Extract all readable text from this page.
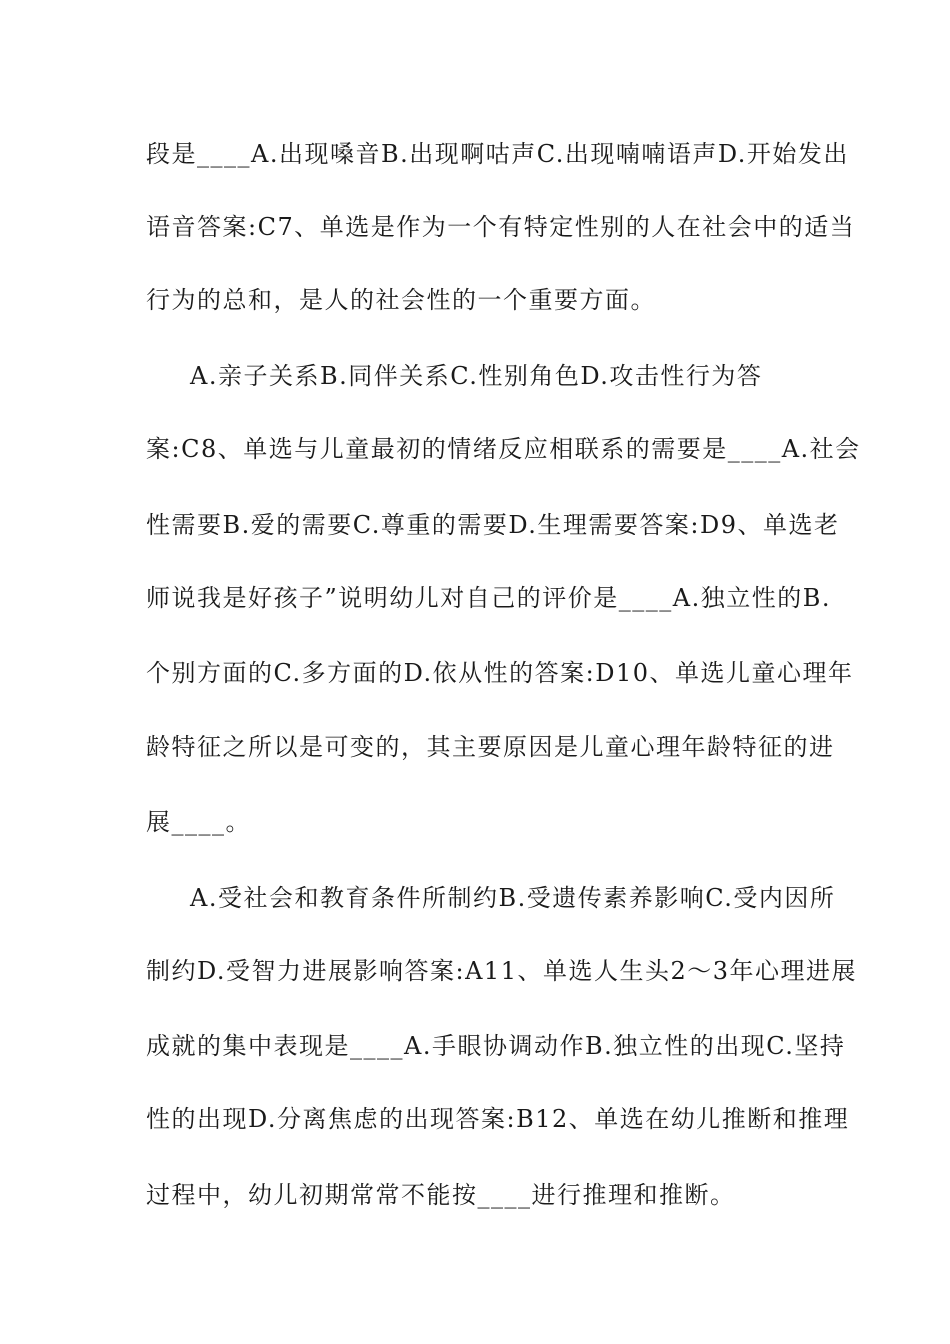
段是____A.出现嗓音B.出现啊咕声C.出现喃喃语声D.开始发出
语音答案:C7、单选是作为一个有特定性别的人在社会中的适当
行为的总和，是人的社会性的一个重要方面。
A.亲子关系B.同伴关系C.性别角色D.攻击性行为答
案:C8、单选与儿童最初的情绪反应相联系的需要是____A.社会
性需要B.爱的需要C.尊重的需要D.生理需要答案:D9、单选老
师说我是好孩子”说明幼儿对自己的评价是____A.独立性的B.
个别方面的C.多方面的D.依从性的答案:D10、单选儿童心理年
龄特征之所以是可变的，其主要原因是儿童心理年龄特征的进
展____。
A.受社会和教育条件所制约B.受遗传素养影响C.受内因所
制约D.受智力进展影响答案:A11、单选人生头2～3年心理进展
成就的集中表现是____A.手眼协调动作B.独立性的出现C.坚持
性的出现D.分离焦虑的出现答案:B12、单选在幼儿推断和推理
过程中，幼儿初期常常不能按____进行推理和推断。
